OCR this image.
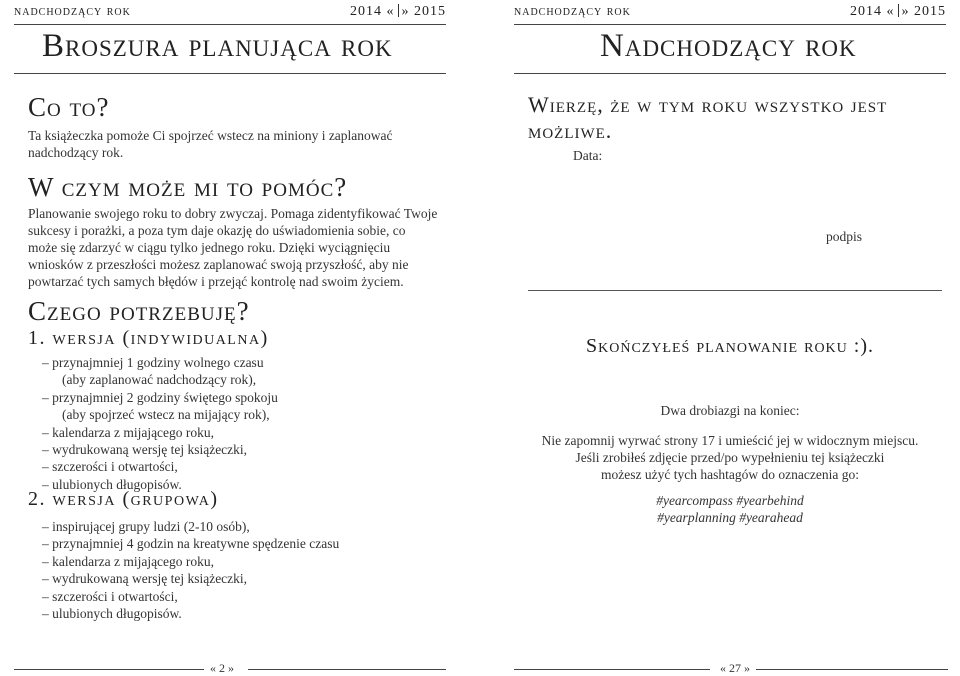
nadchodzący rok	2014 « » 2015
Broszura planująca rok
Co to?

Ta książeczka pomoże Ci spojrzeć wstecz na miniony i zaplanować nadchodzący rok.

W czym może mi to pomóc?

Planowanie swojego roku to dobry zwyczaj. Pomaga zidentyfikować Twoje sukcesy i porażki, a poza tym daje okazję do uświadomienia sobie, co może się zdarzyć w ciągu tylko jednego roku. Dzięki wyciągnięciu wniosków z przeszłości możesz zaplanować swoją przyszłość, aby nie powtarzać tych samych błędów i przejąć kontrolę nad swoim życiem.

Czego potrzebuję?
1. wersja (indywidualna)
– przynajmniej 1 godziny wolnego czasu
(aby zaplanować nadchodzący rok),
– przynajmniej 2 godziny świętego spokoju
(aby spojrzeć wstecz na mijający rok),
– kalendarza z mijającego roku,
– wydrukowaną wersję tej książeczki,
– szczerości i otwartości,
– ulubionych długopisów.
2. wersja (grupowa)
– inspirującej grupy ludzi (2-10 osób),
– przynajmniej 4 godzin na kreatywne spędzenie czasu
– kalendarza z mijającego roku,
– wydrukowaną wersję tej książeczki,
– szczerości i otwartości,
– ulubionych długopisów.
« 2 »
nadchodzący rok	2014 « » 2015
Nadchodzący rok
Wierzę, że w tym roku wszystko jest możliwe.
Data:
podpis
Skończyłeś planowanie roku :).
Dwa drobiazgi na koniec:
Nie zapomnij wyrwać strony 17 i umieścić jej w widocznym miejscu.
Jeśli zrobiłeś zdjęcie przed/po wypełnieniu tej książeczki
możesz użyć tych hashtagów do oznaczenia go:
#yearcompass #yearbehind
#yearplanning #yearahead
« 27 »
